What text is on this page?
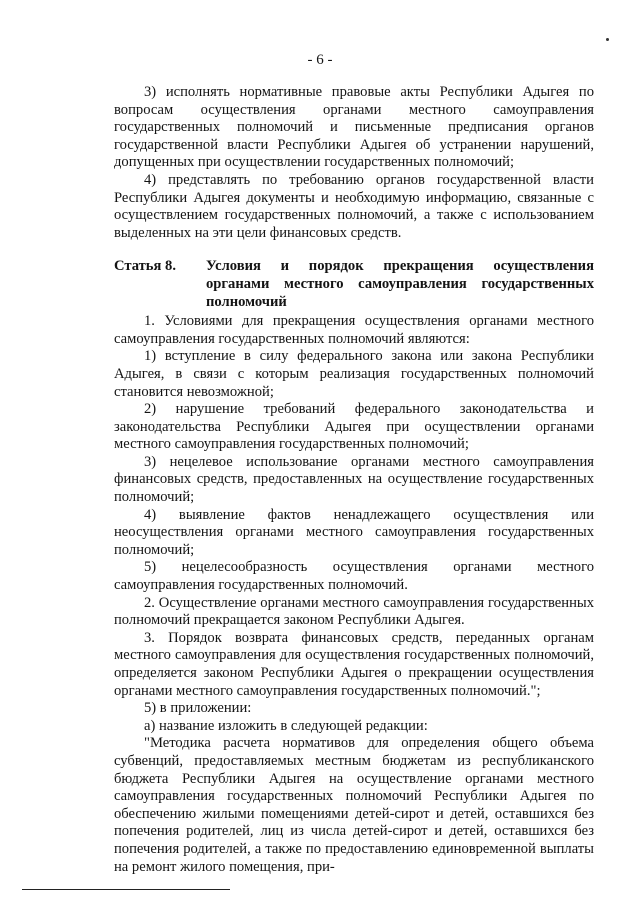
- 6 -

3) исполнять нормативные правовые акты Республики Адыгея по вопросам осуществления органами местного самоуправления государственных полномочий и письменные предписания органов государственной власти Республики Адыгея об устранении нарушений, допущенных при осуществлении государственных полномочий;

4) представлять по требованию органов государственной власти Республики Адыгея документы и необходимую информацию, связанные с осуществлением государственных полномочий, а также с использованием выделенных на эти цели финансовых средств.

Статья 8.	Условия и порядок прекращения осуществления органами местного самоуправления государственных полномочий

1. Условиями для прекращения осуществления органами местного самоуправления государственных полномочий являются:

1) вступление в силу федерального закона или закона Республики Адыгея, в связи с которым реализация государственных полномочий становится невозможной;

2) нарушение требований федерального законодательства и законодательства Республики Адыгея при осуществлении органами местного самоуправления государственных полномочий;

3) нецелевое использование органами местного самоуправления финансовых средств, предоставленных на осуществление государственных полномочий;

4) выявление фактов ненадлежащего осуществления или неосуществления органами местного самоуправления государственных полномочий;

5) нецелесообразность осуществления органами местного самоуправления государственных полномочий.

2. Осуществление органами местного самоуправления государственных полномочий прекращается законом Республики Адыгея.

3. Порядок возврата финансовых средств, переданных органам местного самоуправления для осуществления государственных полномочий, определяется законом Республики Адыгея о прекращении осуществления органами местного самоуправления государственных полномочий.";

5) в приложении:

а) название изложить в следующей редакции:

"Методика расчета нормативов для определения общего объема субвенций, предоставляемых местным бюджетам из республиканского бюджета Республики Адыгея на осуществление органами местного самоуправления государственных полномочий Республики Адыгея по обеспечению жилыми помещениями детей-сирот и детей, оставшихся без попечения родителей, лиц из числа детей-сирот и детей, оставшихся без попечения родителей, а также по предоставлению единовременной выплаты на ремонт жилого помещения, при-
